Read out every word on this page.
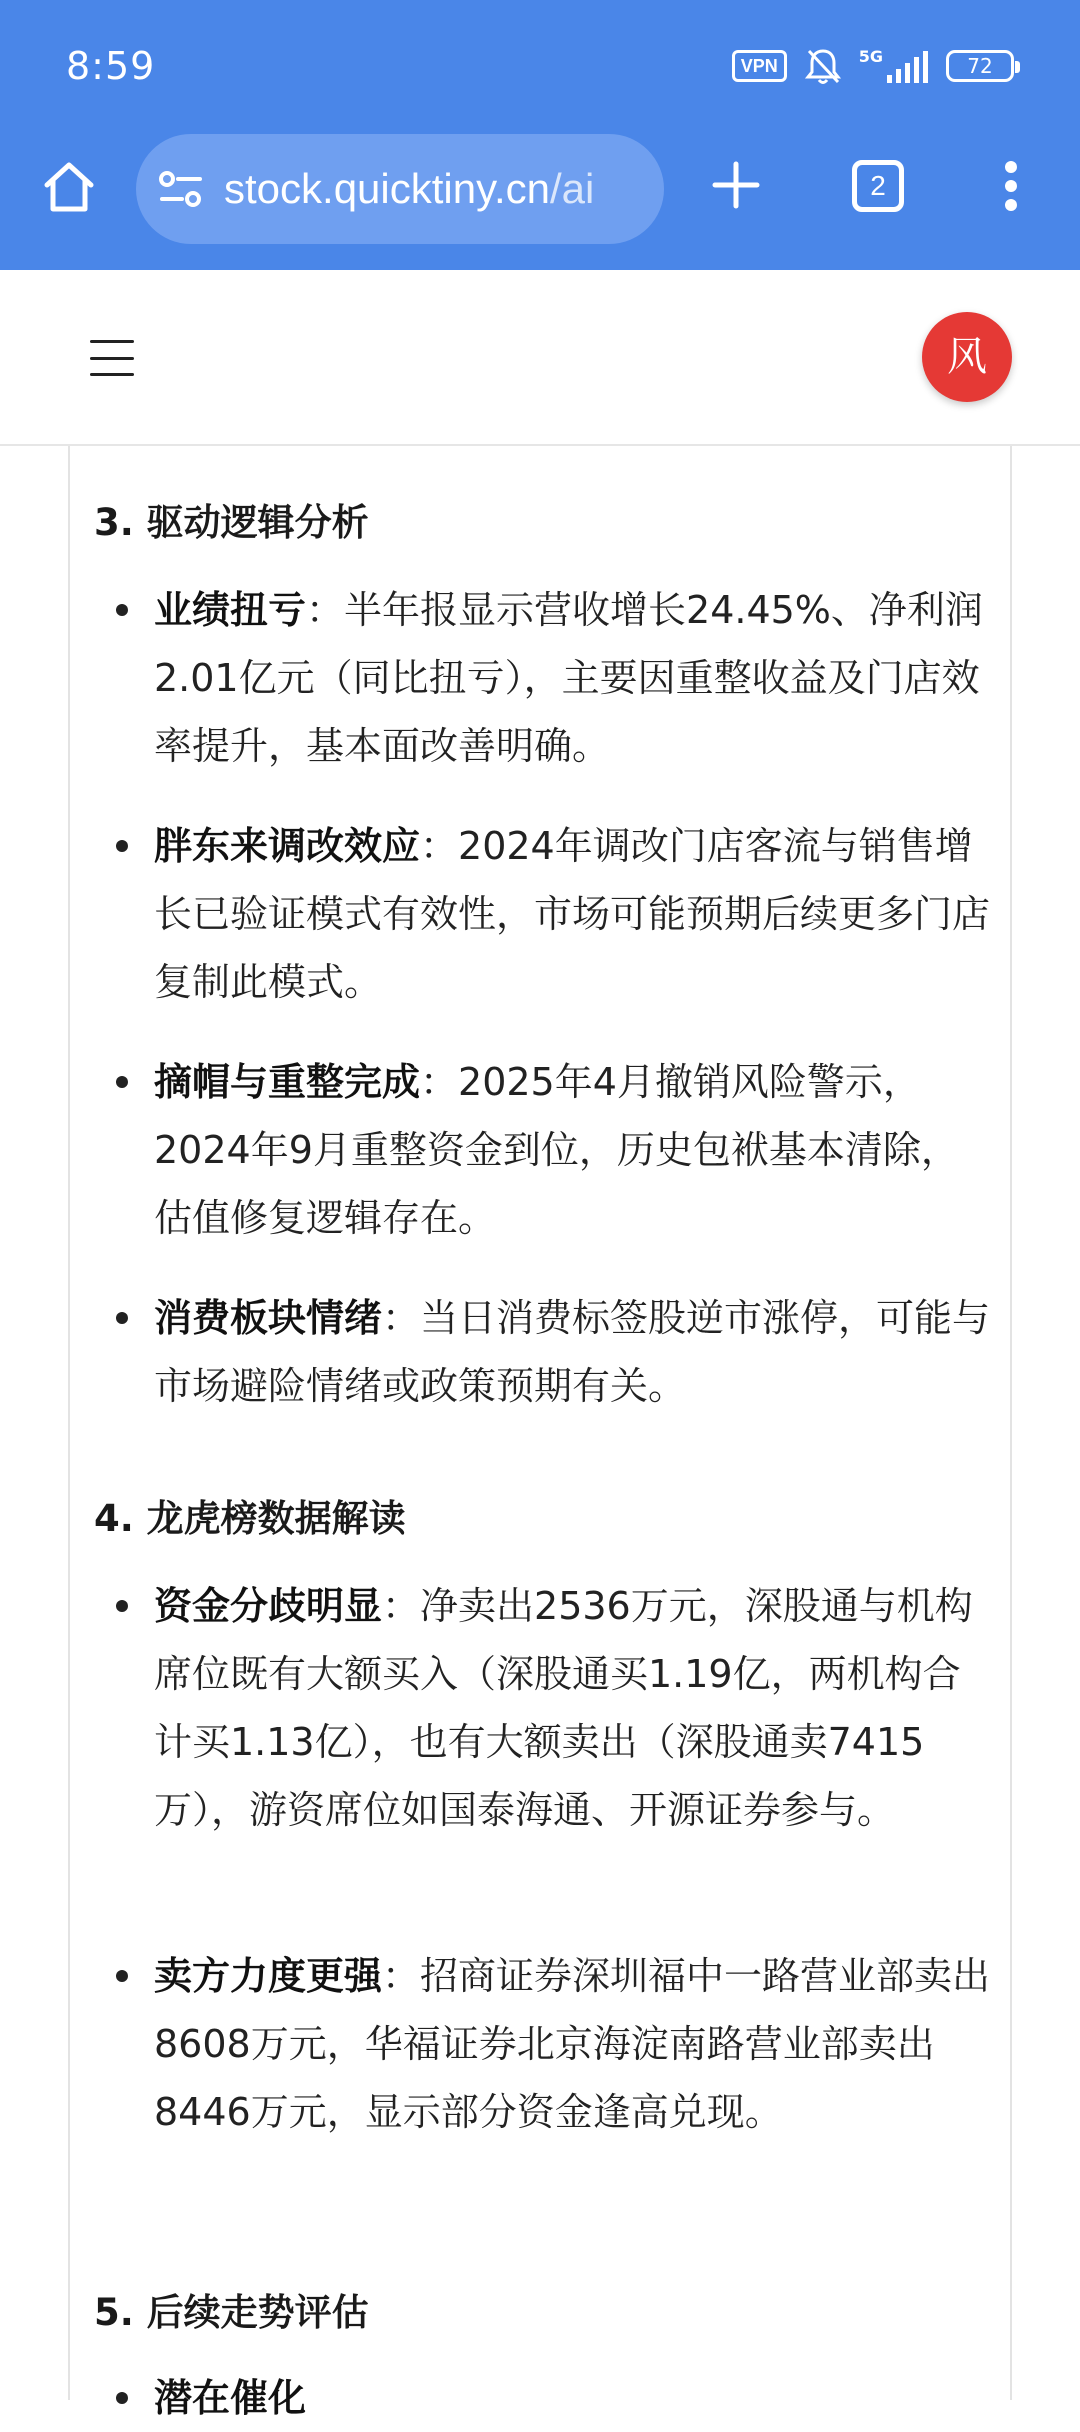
8:59	VPN	5G	72
stock.quicktiny.cn/ai	2
风
3. 驱动逻辑分析
业绩扭亏：半年报显示营收增长24.45%、净利润2.01亿元（同比扭亏），主要因重整收益及门店效率提升，基本面改善明确。
胖东来调改效应：2024年调改门店客流与销售增长已验证模式有效性，市场可能预期后续更多门店复制此模式。
摘帽与重整完成：2025年4月撤销风险警示，2024年9月重整资金到位，历史包袱基本清除，估值修复逻辑存在。
消费板块情绪：当日消费标签股逆市涨停，可能与市场避险情绪或政策预期有关。
4. 龙虎榜数据解读
资金分歧明显：净卖出2536万元，深股通与机构席位既有大额买入（深股通买1.19亿，两机构合计买1.13亿），也有大额卖出（深股通卖7415万），游资席位如国泰海通、开源证券参与。
卖方力度更强：招商证券深圳福中一路营业部卖出8608万元，华福证券北京海淀南路营业部卖出8446万元，显示部分资金逢高兑现。
5. 后续走势评估
潜在催化
